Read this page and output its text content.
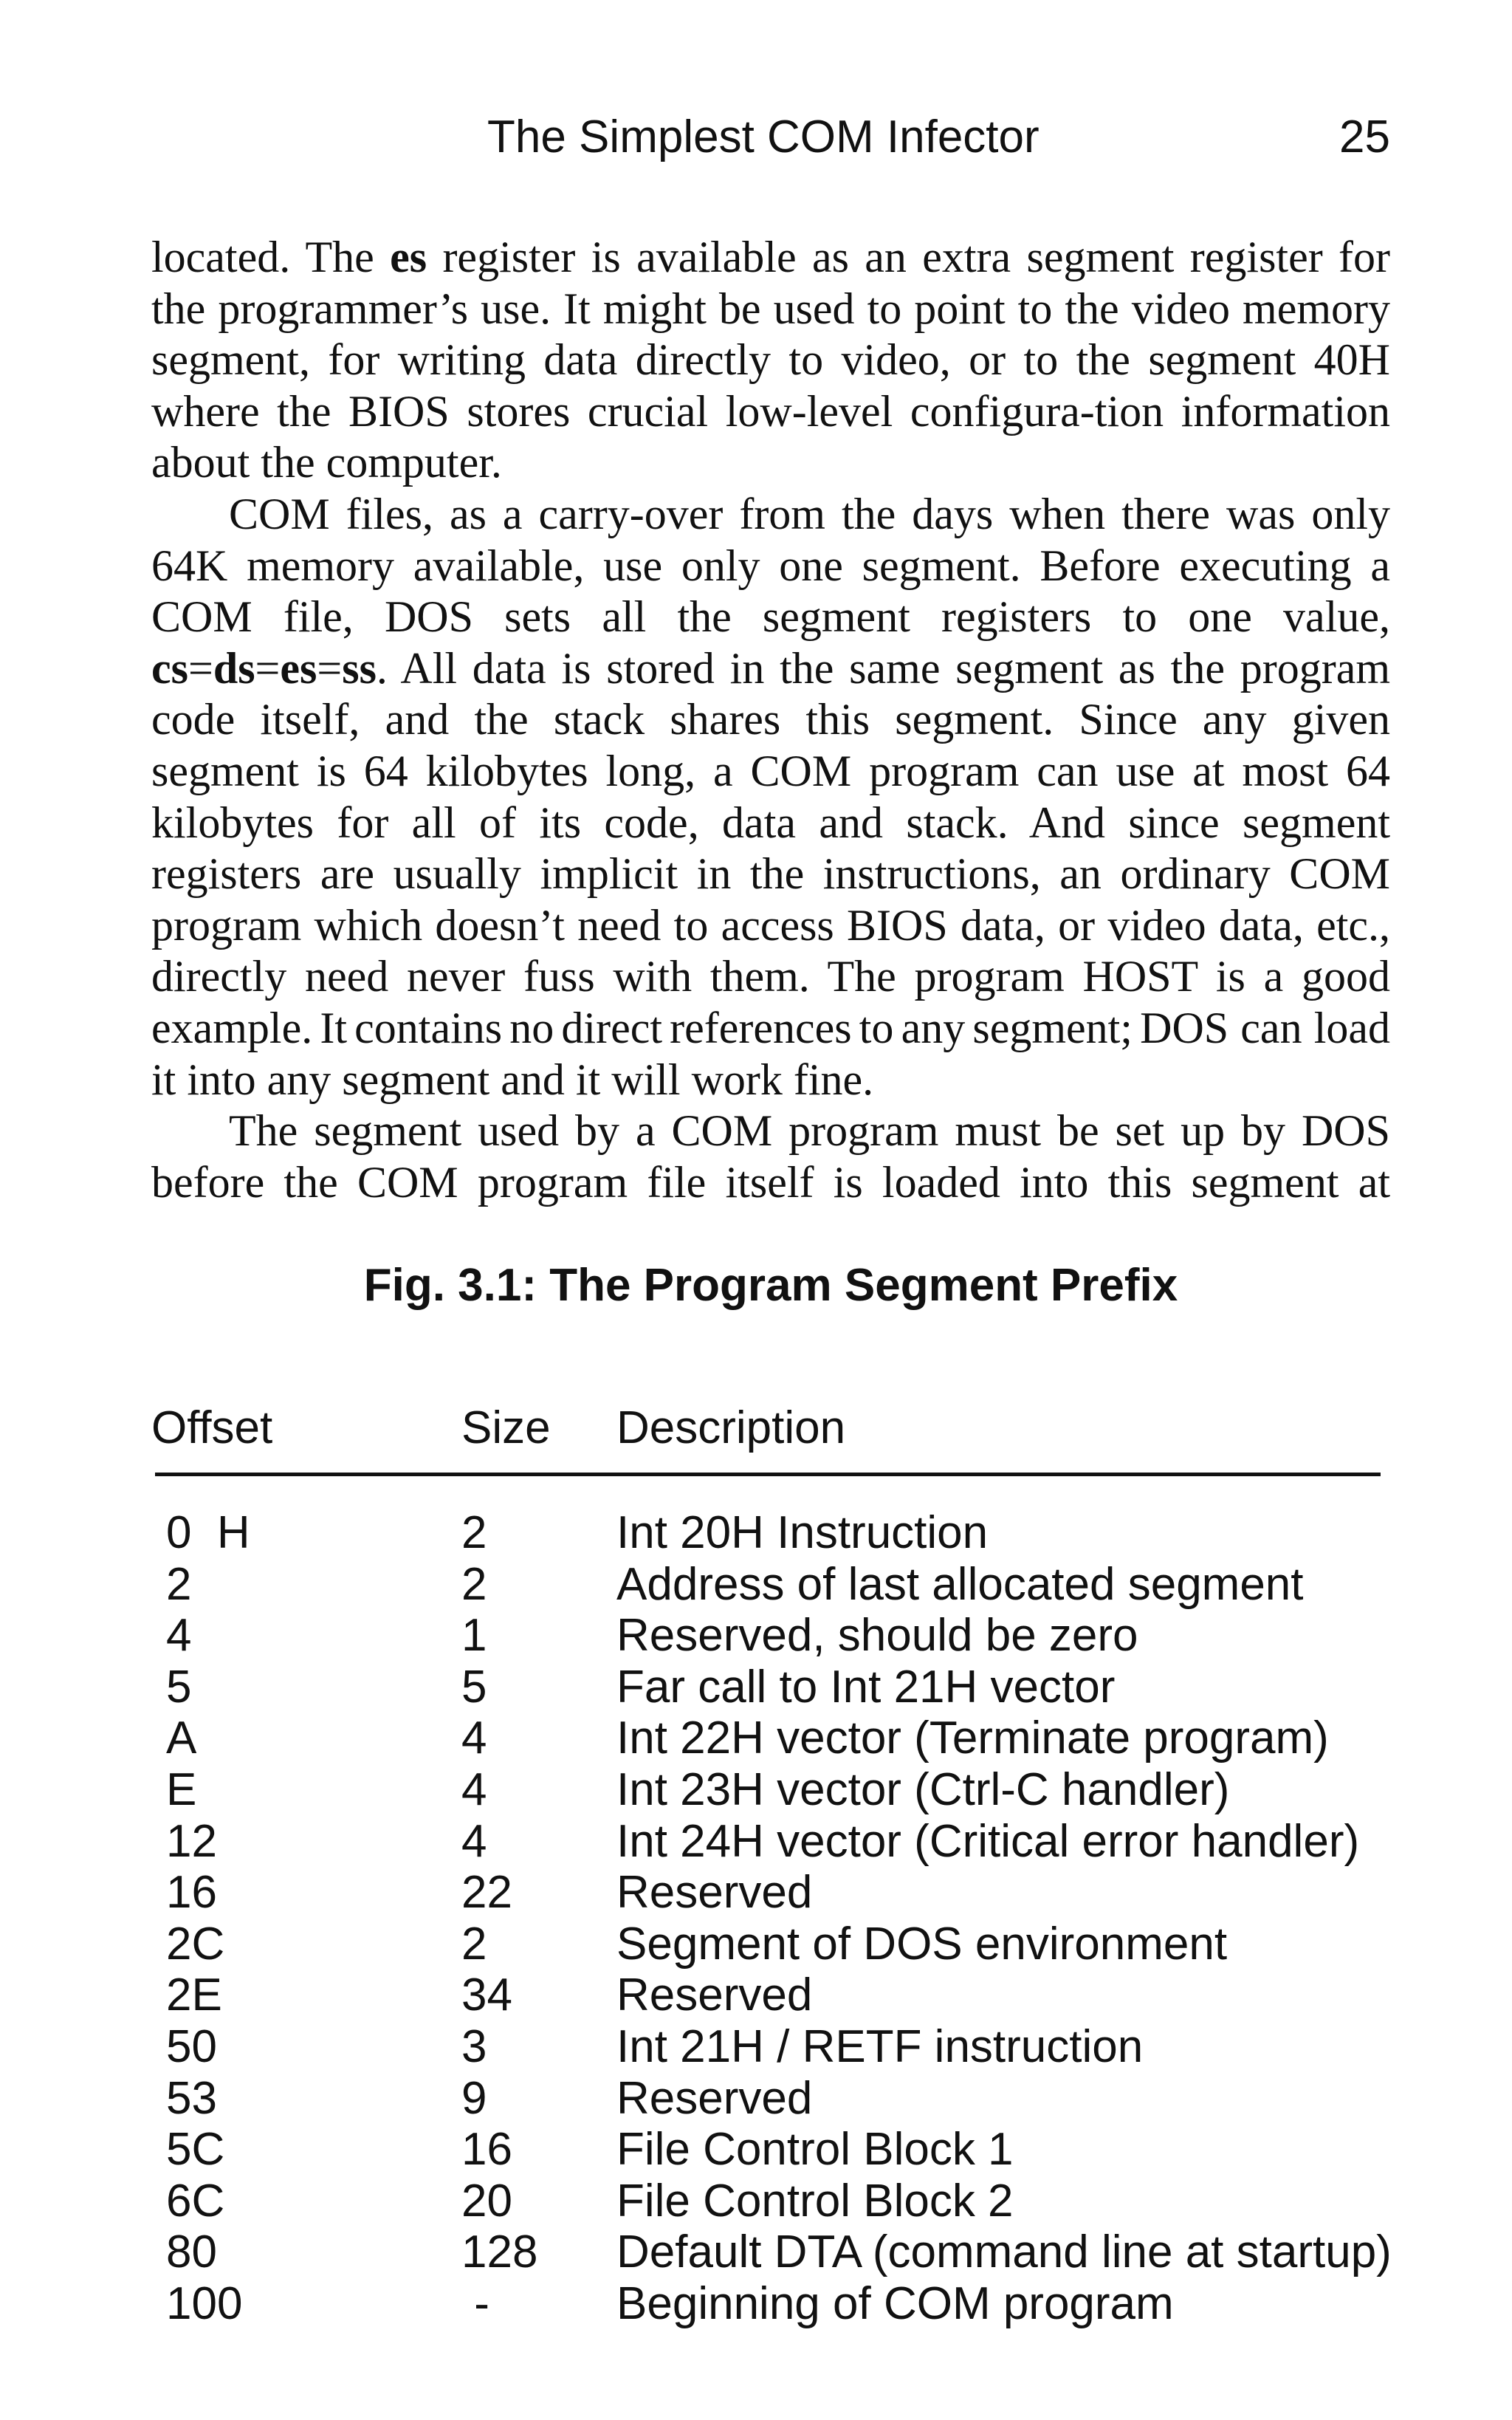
The Simplest COM Infector	25

located. The es register is available as an extra segment register for the programmer’s use. It might be used to point to the video memory segment, for writing data directly to video, or to the segment 40H where the BIOS stores crucial low-level configura-tion information about the computer.

COM files, as a carry-over from the days when there was only 64K memory available, use only one segment. Before executing a COM file, DOS sets all the segment registers to one value, cs=ds=es=ss. All data is stored in the same segment as the program code itself, and the stack shares this segment. Since any given segment is 64 kilobytes long, a COM program can use at most 64 kilobytes for all of its code, data and stack. And since segment registers are usually implicit in the instructions, an ordinary COM program which doesn’t need to access BIOS data, or video data, etc., directly need never fuss with them. The program HOST is a good example. It contains no direct references to any segment; DOS can load it into any segment and it will work fine.

The segment used by a COM program must be set up by DOS before the COM program file itself is loaded into this segment at

Fig. 3.1: The Program Segment Prefix
Offset	Size Description
0  H	2	Int 20H Instruction
2	2	Address of last allocated segment
4	1	Reserved, should be zero
5	5	Far call to Int 21H vector
A	4	Int 22H vector (Terminate program)
E	4	Int 23H vector (Ctrl-C handler)
12	4	Int 24H vector (Critical error handler)
16	22 Reserved
2C	2	Segment of DOS environment
2E	34 Reserved
50	3	Int 21H / RETF instruction
53	9	Reserved
5C	16 File Control Block 1
6C	20 File Control Block 2
80	128 Default DTA (command line at startup)
100	-	Beginning of COM program
